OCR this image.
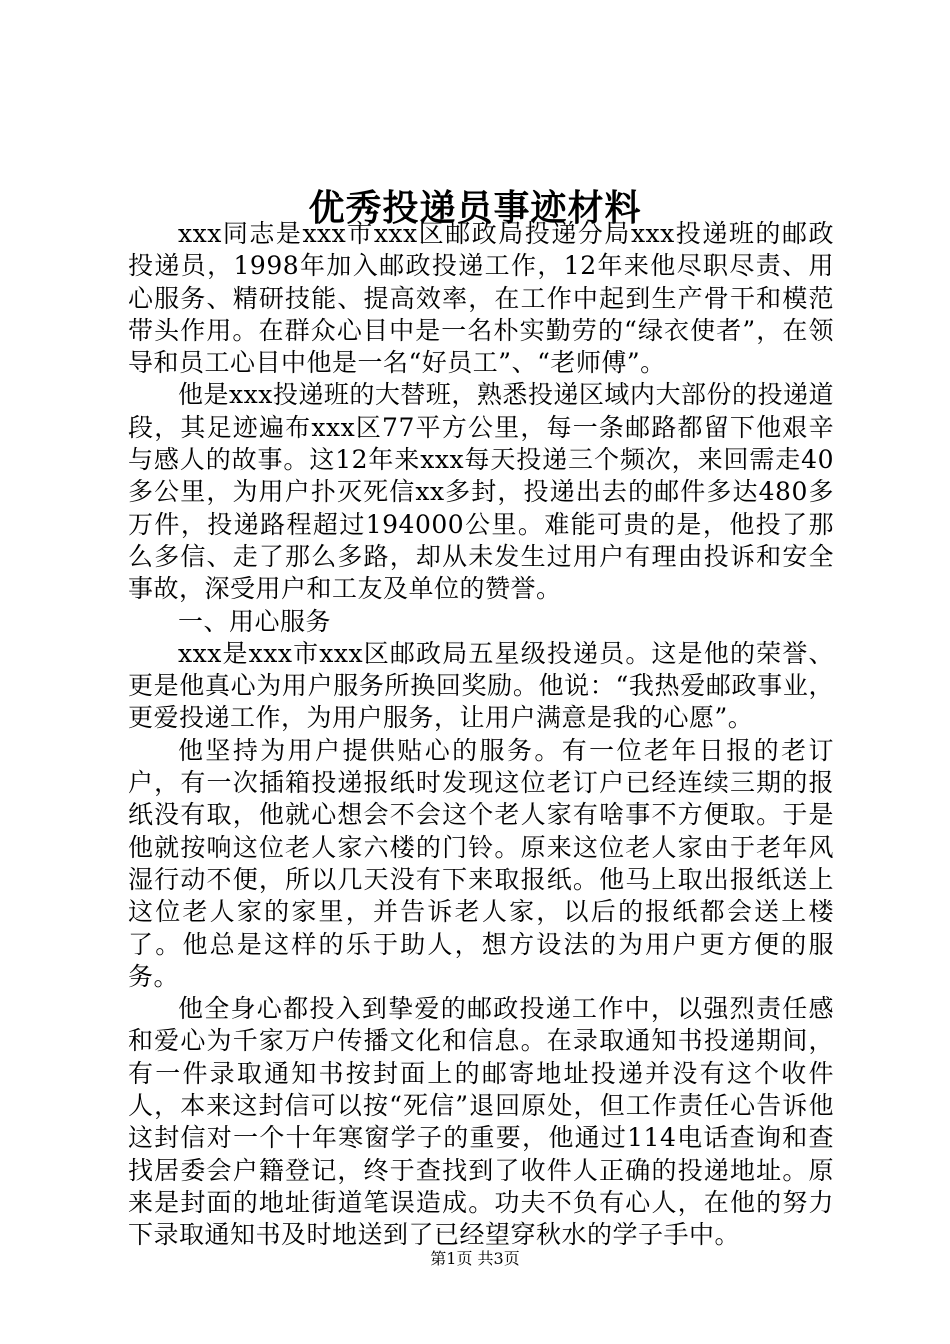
优秀投递员事迹材料

xxx同志是xxx市xxx区邮政局投递分局xxx投递班的邮政投递员，1998年加入邮政投递工作，12年来他尽职尽责、用心服务、精研技能、提高效率，在工作中起到生产骨干和模范带头作用。在群众心目中是一名朴实勤劳的“绿衣使者”，在领导和员工心目中他是一名“好员工”、“老师傅”。

他是xxx投递班的大替班，熟悉投递区域内大部份的投递道段，其足迹遍布xxx区77平方公里，每一条邮路都留下他艰辛与感人的故事。这12年来xxx每天投递三个频次，来回需走40多公里，为用户扑灭死信xx多封，投递出去的邮件多达480多万件，投递路程超过194000公里。难能可贵的是，他投了那么多信、走了那么多路，却从未发生过用户有理由投诉和安全事故，深受用户和工友及单位的赞誉。

一、用心服务

xxx是xxx市xxx区邮政局五星级投递员。这是他的荣誉、更是他真心为用户服务所换回奖励。他说：“我热爱邮政事业，更爱投递工作，为用户服务，让用户满意是我的心愿”。

他坚持为用户提供贴心的服务。有一位老年日报的老订户，有一次插箱投递报纸时发现这位老订户已经连续三期的报纸没有取，他就心想会不会这个老人家有啥事不方便取。于是他就按响这位老人家六楼的门铃。原来这位老人家由于老年风湿行动不便，所以几天没有下来取报纸。他马上取出报纸送上这位老人家的家里，并告诉老人家，以后的报纸都会送上楼了。他总是这样的乐于助人，想方设法的为用户更方便的服务。

他全身心都投入到挚爱的邮政投递工作中，以强烈责任感和爱心为千家万户传播文化和信息。在录取通知书投递期间，有一件录取通知书按封面上的邮寄地址投递并没有这个收件人，本来这封信可以按“死信”退回原处，但工作责任心告诉他这封信对一个十年寒窗学子的重要，他通过114电话查询和查找居委会户籍登记，终于查找到了收件人正确的投递地址。原来是封面的地址街道笔误造成。功夫不负有心人，在他的努力下录取通知书及时地送到了已经望穿秋水的学子手中。

第1页 共3页
